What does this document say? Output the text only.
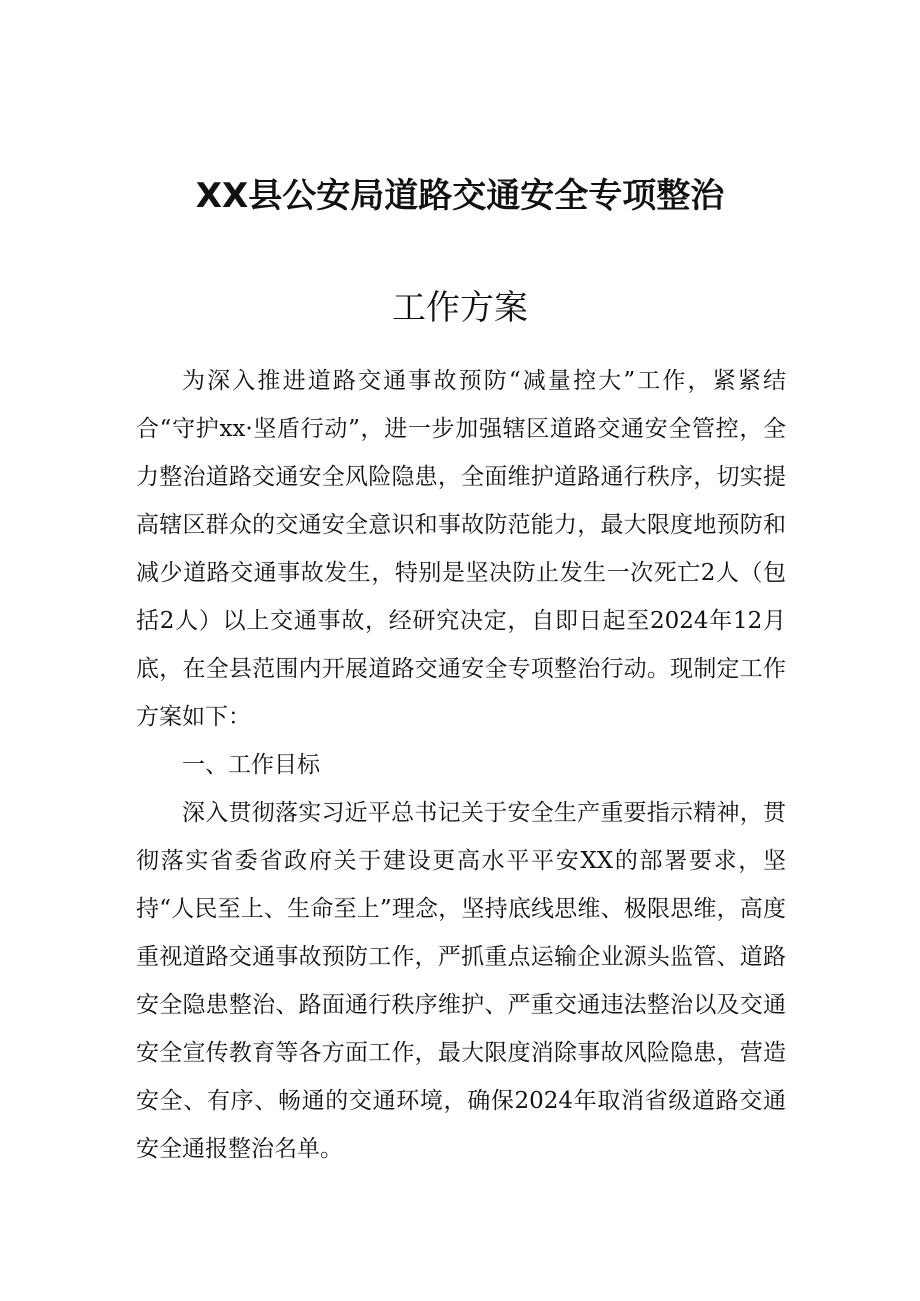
XX县公安局道路交通安全专项整治
工作方案

为深入推进道路交通事故预防“减量控大”工作，紧紧结合“守护xx·坚盾行动”，进一步加强辖区道路交通安全管控，全力整治道路交通安全风险隐患，全面维护道路通行秩序，切实提高辖区群众的交通安全意识和事故防范能力，最大限度地预防和减少道路交通事故发生，特别是坚决防止发生一次死亡2人（包括2人）以上交通事故，经研究决定，自即日起至2024年12月底，在全县范围内开展道路交通安全专项整治行动。现制定工作方案如下：

一、工作目标

深入贯彻落实习近平总书记关于安全生产重要指示精神，贯彻落实省委省政府关于建设更高水平平安XX的部署要求，坚持“人民至上、生命至上”理念，坚持底线思维、极限思维，高度重视道路交通事故预防工作，严抓重点运输企业源头监管、道路安全隐患整治、路面通行秩序维护、严重交通违法整治以及交通安全宣传教育等各方面工作，最大限度消除事故风险隐患，营造安全、有序、畅通的交通环境，确保2024年取消省级道路交通安全通报整治名单。
